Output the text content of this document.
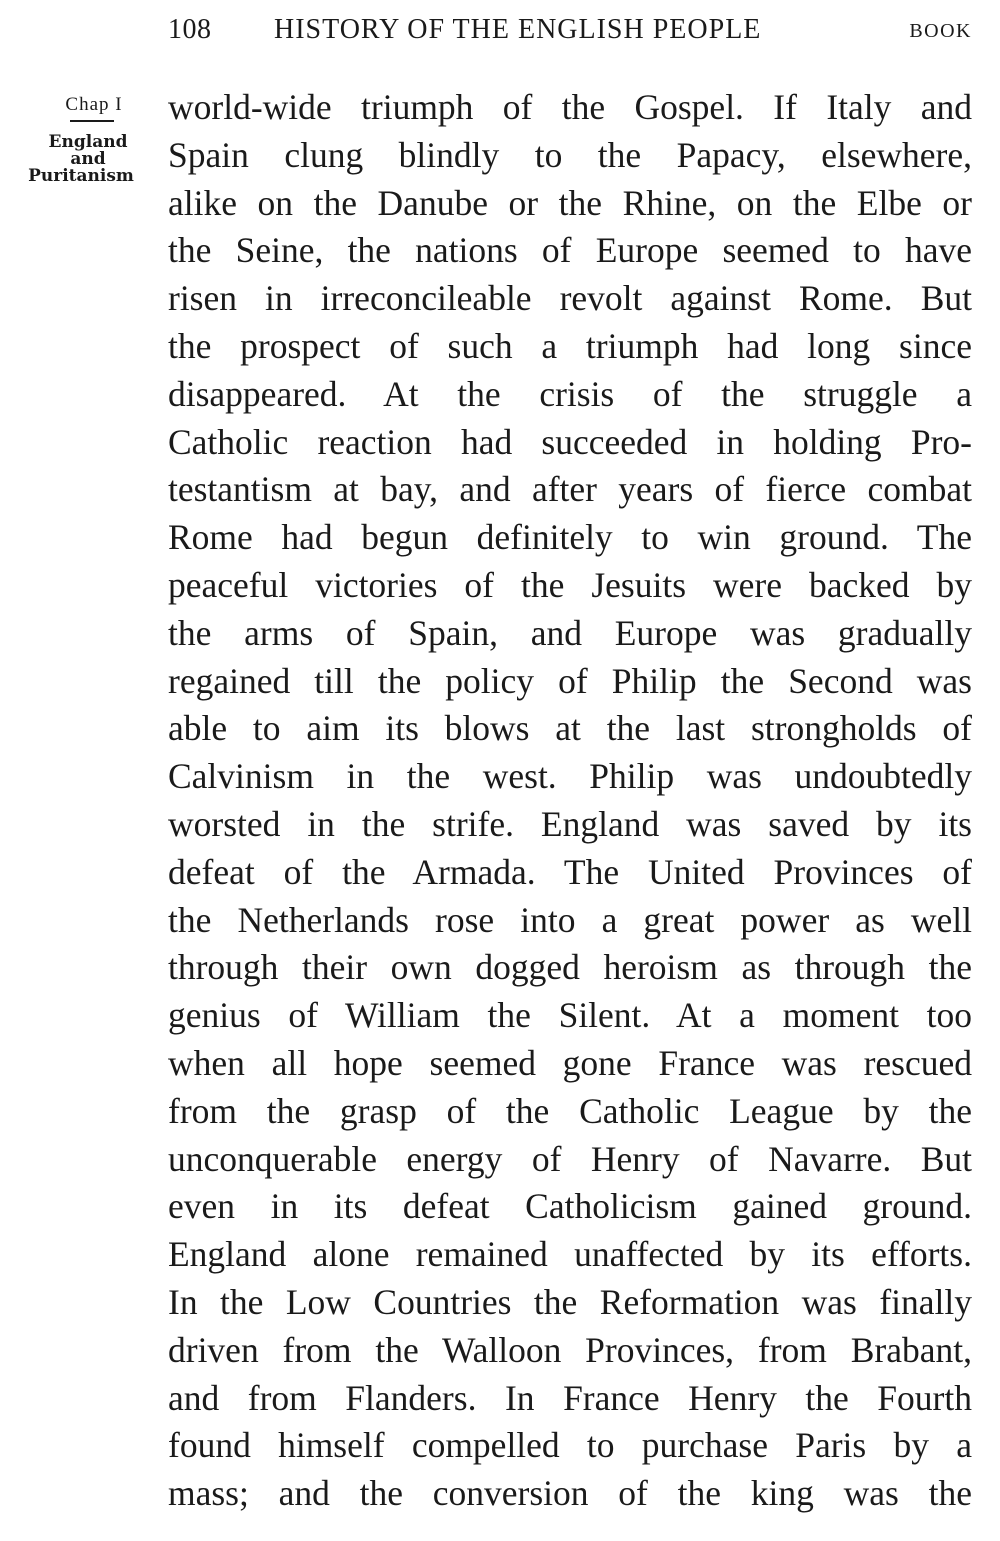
108 HISTORY OF THE ENGLISH PEOPLE	BOOK
Chap I
England
and
Puritanism
world-wide triumph of the Gospel. If Italy and
Spain clung blindly to the Papacy, elsewhere,
alike on the Danube or the Rhine, on the Elbe or
the Seine, the nations of Europe seemed to have
risen in irreconcileable revolt against Rome. But
the prospect of such a triumph had long since
disappeared. At the crisis of the struggle a
Catholic reaction had succeeded in holding Pro-
testantism at bay, and after years of fierce combat
Rome had begun definitely to win ground. The
peaceful victories of the Jesuits were backed by
the arms of Spain, and Europe was gradually
regained till the policy of Philip the Second was
able to aim its blows at the last strongholds of
Calvinism in the west. Philip was undoubtedly
worsted in the strife. England was saved by its
defeat of the Armada. The United Provinces of
the Netherlands rose into a great power as well
through their own dogged heroism as through the
genius of William the Silent. At a moment too
when all hope seemed gone France was rescued
from the grasp of the Catholic League by the
unconquerable energy of Henry of Navarre. But
even in its defeat Catholicism gained ground.
England alone remained unaffected by its efforts.
In the Low Countries the Reformation was finally
driven from the Walloon Provinces, from Brabant,
and from Flanders. In France Henry the Fourth
found himself compelled to purchase Paris by a
mass; and the conversion of the king was the
